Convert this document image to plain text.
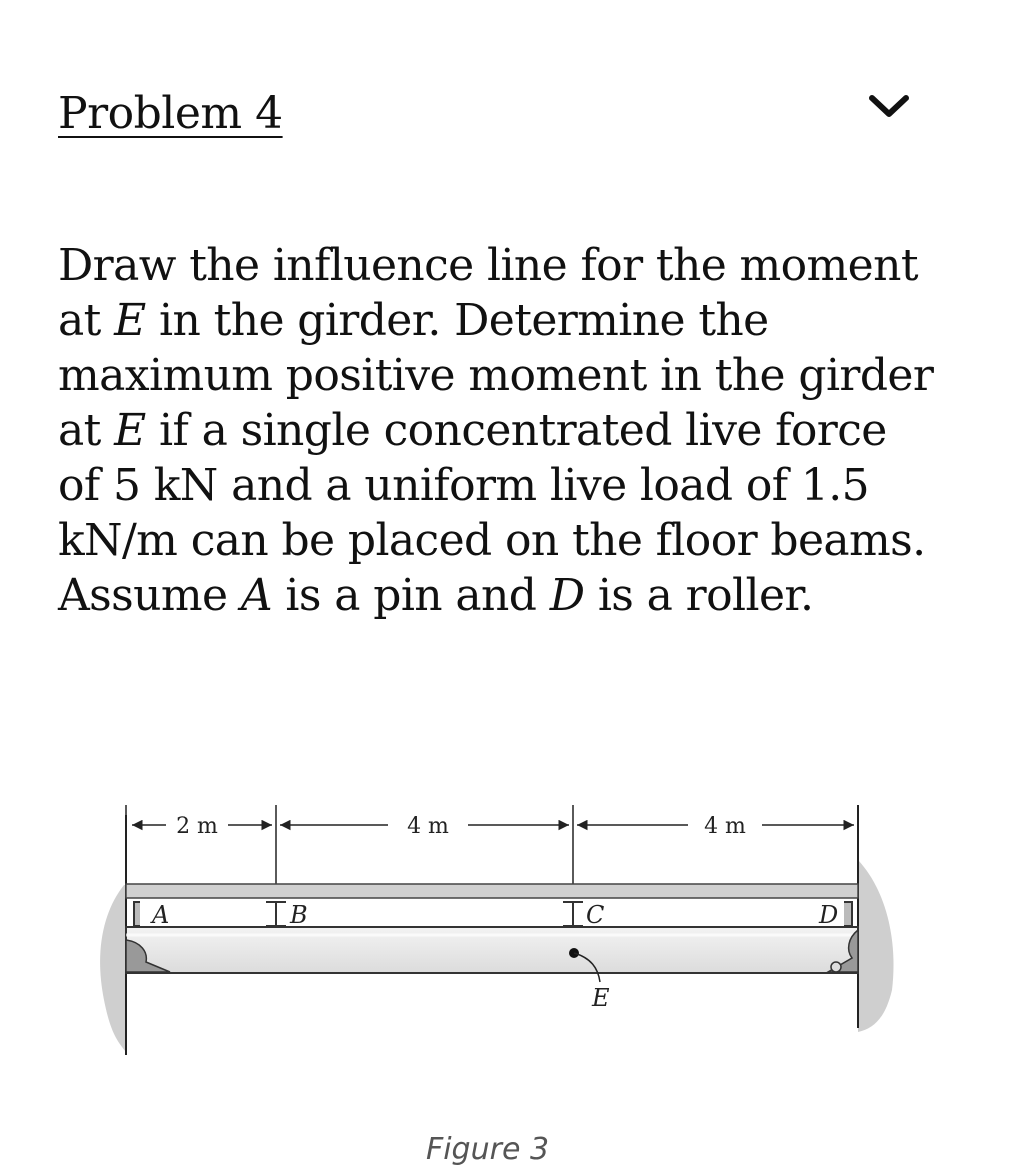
Problem 4

Draw the influence line for the moment at E in the girder. Determine the maximum positive moment in the girder at E if a single concentrated live force of 5 kN and a uniform live load of 1.5 kN/m can be placed on the floor beams. Assume A is a pin and D is a roller.

2 m	4 m	4 m
A	B	C	D
E
Figure 3
